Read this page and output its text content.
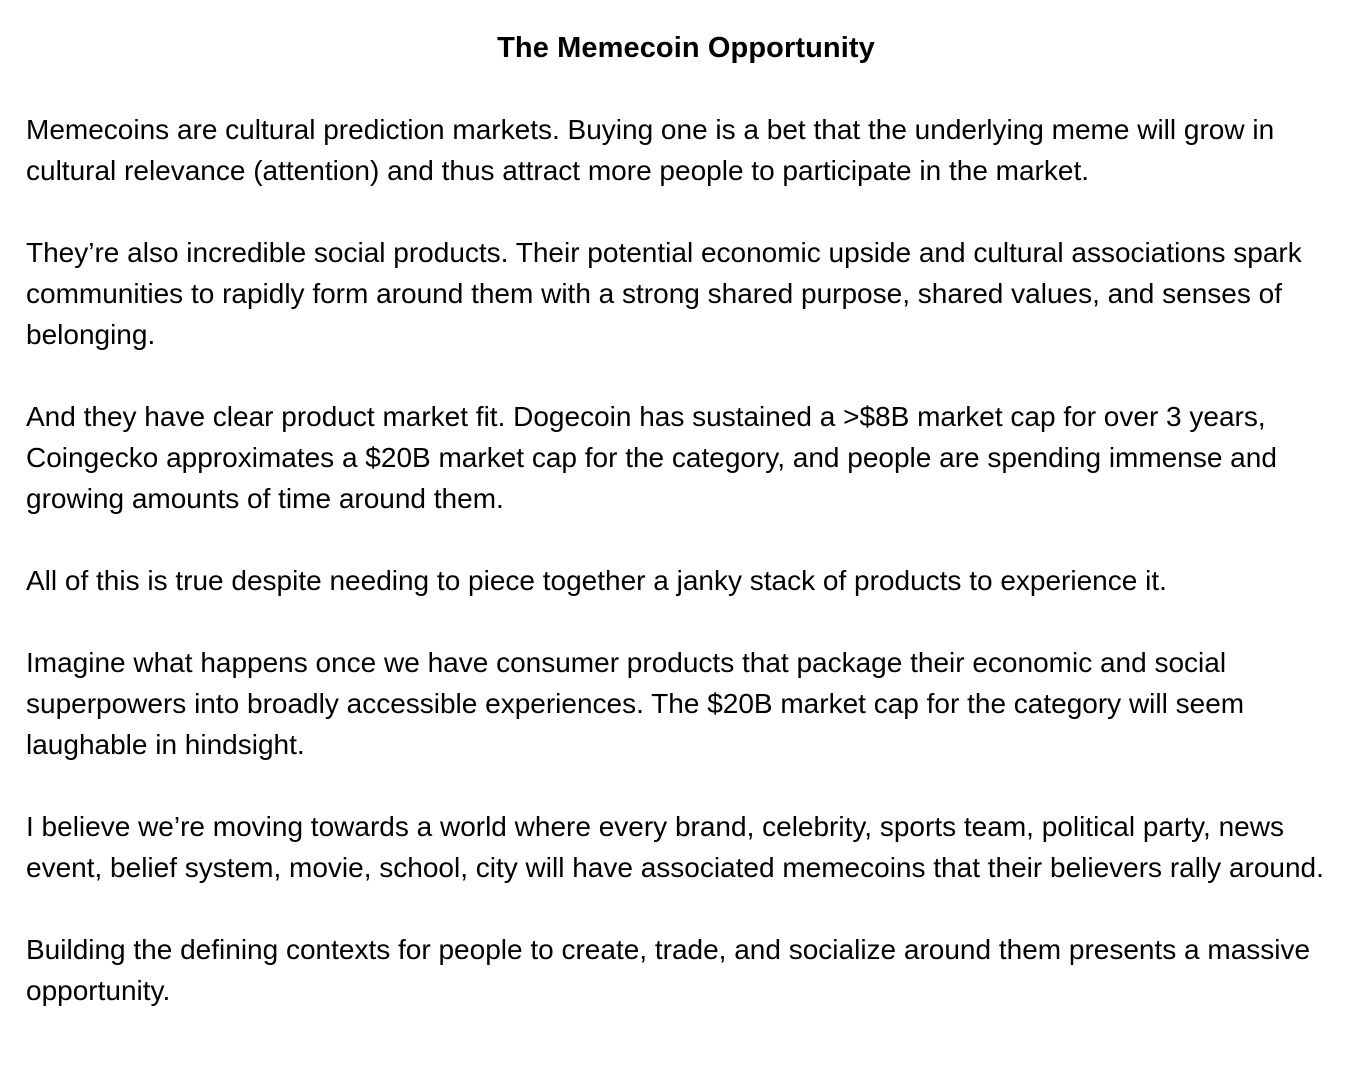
The Memecoin Opportunity

Memecoins are cultural prediction markets. Buying one is a bet that the underlying meme will grow in cultural relevance (attention) and thus attract more people to participate in the market.

They’re also incredible social products. Their potential economic upside and cultural associations spark communities to rapidly form around them with a strong shared purpose, shared values, and senses of belonging.

And they have clear product market fit. Dogecoin has sustained a >$8B market cap for over 3 years, Coingecko approximates a $20B market cap for the category, and people are spending immense and growing amounts of time around them.

All of this is true despite needing to piece together a janky stack of products to experience it.

Imagine what happens once we have consumer products that package their economic and social superpowers into broadly accessible experiences. The $20B market cap for the category will seem laughable in hindsight.

I believe we’re moving towards a world where every brand, celebrity, sports team, political party, news event, belief system, movie, school, city will have associated memecoins that their believers rally around.

Building the defining contexts for people to create, trade, and socialize around them presents a massive opportunity.
